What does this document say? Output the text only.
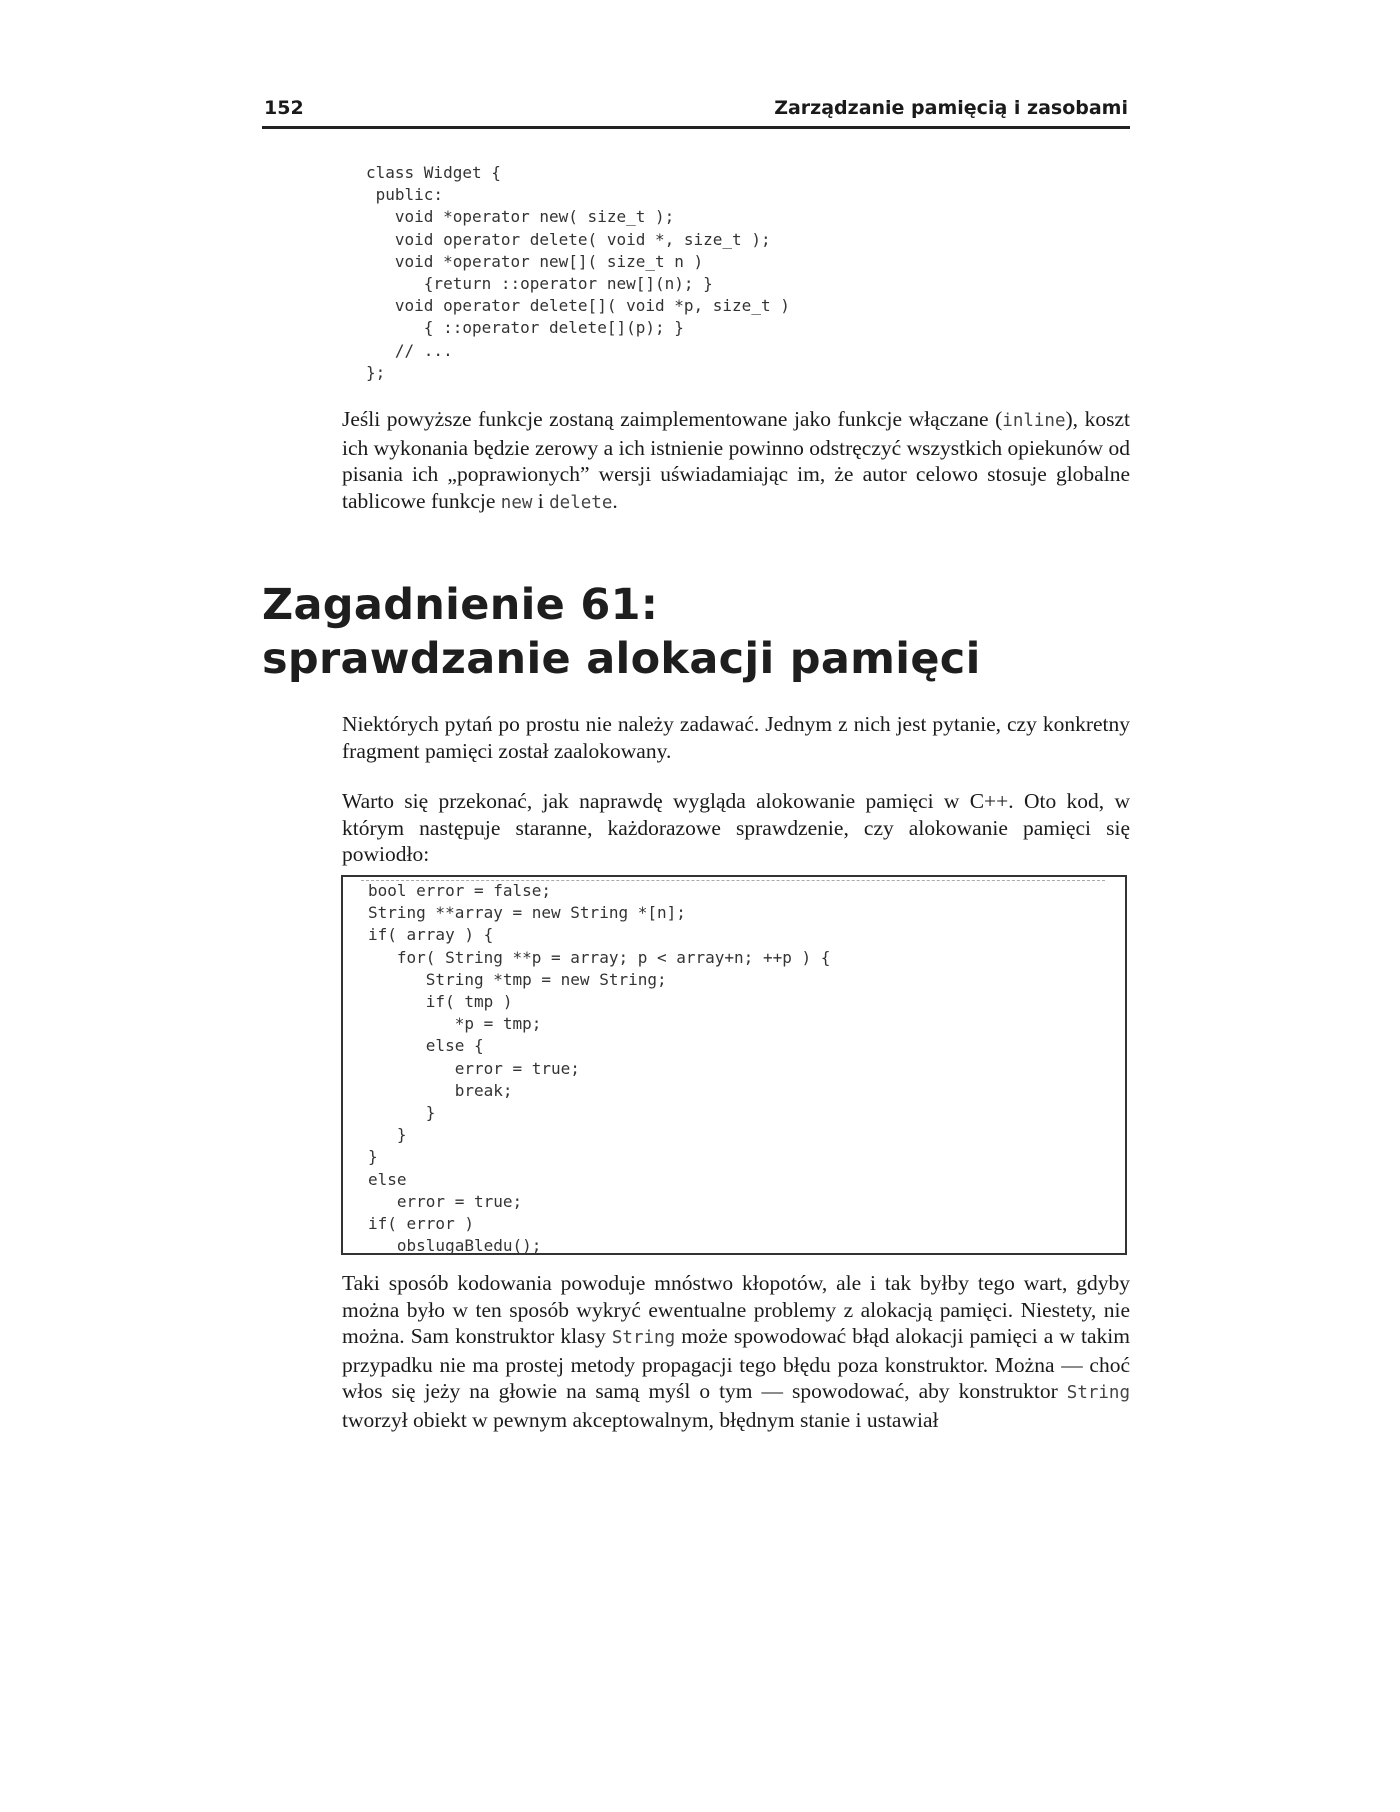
152	Zarządzanie pamięcią i zasobami
class Widget {
public:
void *operator new( size_t );
void operator delete( void *, size_t );
void *operator new[]( size_t n )
{return ::operator new[](n); }
void operator delete[]( void *p, size_t )
{ ::operator delete[](p); }
// ...
};

Jeśli powyższe funkcje zostaną zaimplementowane jako funkcje włączane (inline), koszt ich wykonania będzie zerowy a ich istnienie powinno odstręczyć wszystkich opiekunów od pisania ich „poprawionych” wersji uświadamiając im, że autor celowo stosuje globalne tablicowe funkcje new i delete.

Zagadnienie 61:
sprawdzanie alokacji pamięci

Niektórych pytań po prostu nie należy zadawać. Jednym z nich jest pytanie, czy konkretny fragment pamięci został zaalokowany.

Warto się przekonać, jak naprawdę wygląda alokowanie pamięci w C++. Oto kod, w którym następuje staranne, każdorazowe sprawdzenie, czy alokowanie pamięci się powiodło:

bool error = false;
String **array = new String *[n];
if( array ) {
for( String **p = array; p < array+n; ++p ) {
String *tmp = new String;
if( tmp )
*p = tmp;
else {
error = true;
break;
}
}
}
else
error = true;
if( error )
obslugaBledu();

Taki sposób kodowania powoduje mnóstwo kłopotów, ale i tak byłby tego wart, gdyby można było w ten sposób wykryć ewentualne problemy z alokacją pamięci. Niestety, nie można. Sam konstruktor klasy String może spowodować błąd alokacji pamięci a w takim przypadku nie ma prostej metody propagacji tego błędu poza konstruktor. Można — choć włos się jeży na głowie na samą myśl o tym — spowodować, aby konstruktor String tworzył obiekt w pewnym akceptowalnym, błędnym stanie i ustawiał
